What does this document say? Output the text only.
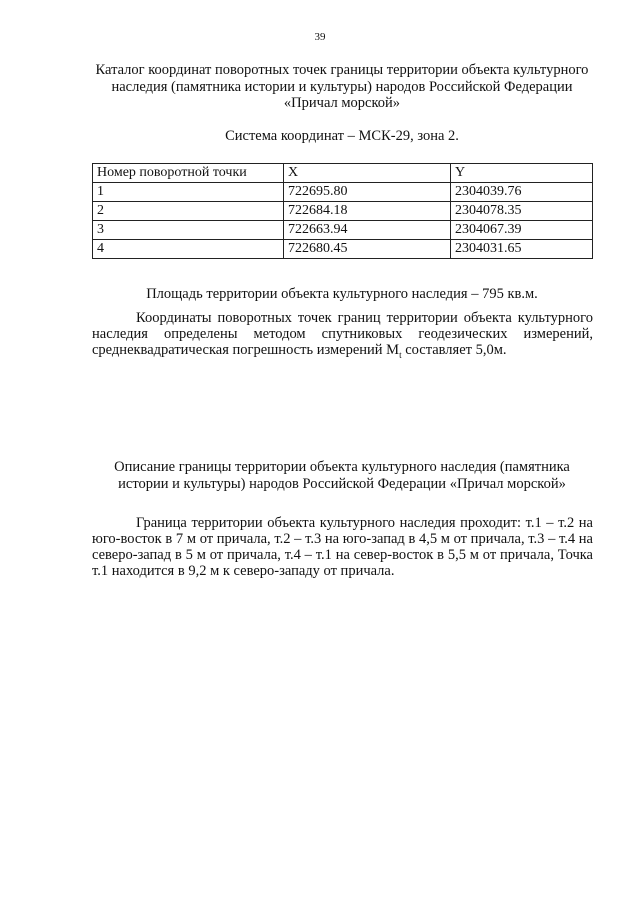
39
Каталог координат поворотных точек границы территории объекта культурного наследия (памятника истории и культуры) народов Российской Федерации «Причал морской»
Система координат – МСК-29, зона 2.
Номер поворотной точки	X	Y
1	722695.80	2304039.76
2	722684.18	2304078.35
3	722663.94	2304067.39
4	722680.45	2304031.65
Площадь территории объекта культурного наследия – 795 кв.м.
Координаты поворотных точек границ территории объекта культурного наследия определены методом спутниковых геодезических измерений, среднеквадратическая погрешность измерений $M_t$ составляет 5,0м.
Описание границы территории объекта культурного наследия (памятника истории и культуры) народов Российской Федерации «Причал морской»
Граница территории объекта культурного наследия проходит: т.1 – т.2 на юго-восток в 7 м от причала, т.2 – т.3 на юго-запад в 4,5 м от причала, т.3 – т.4 на северо-запад в 5 м от причала, т.4 – т.1 на север-восток в 5,5 м от причала, Точка т.1 находится в 9,2 м к северо-западу от причала.
